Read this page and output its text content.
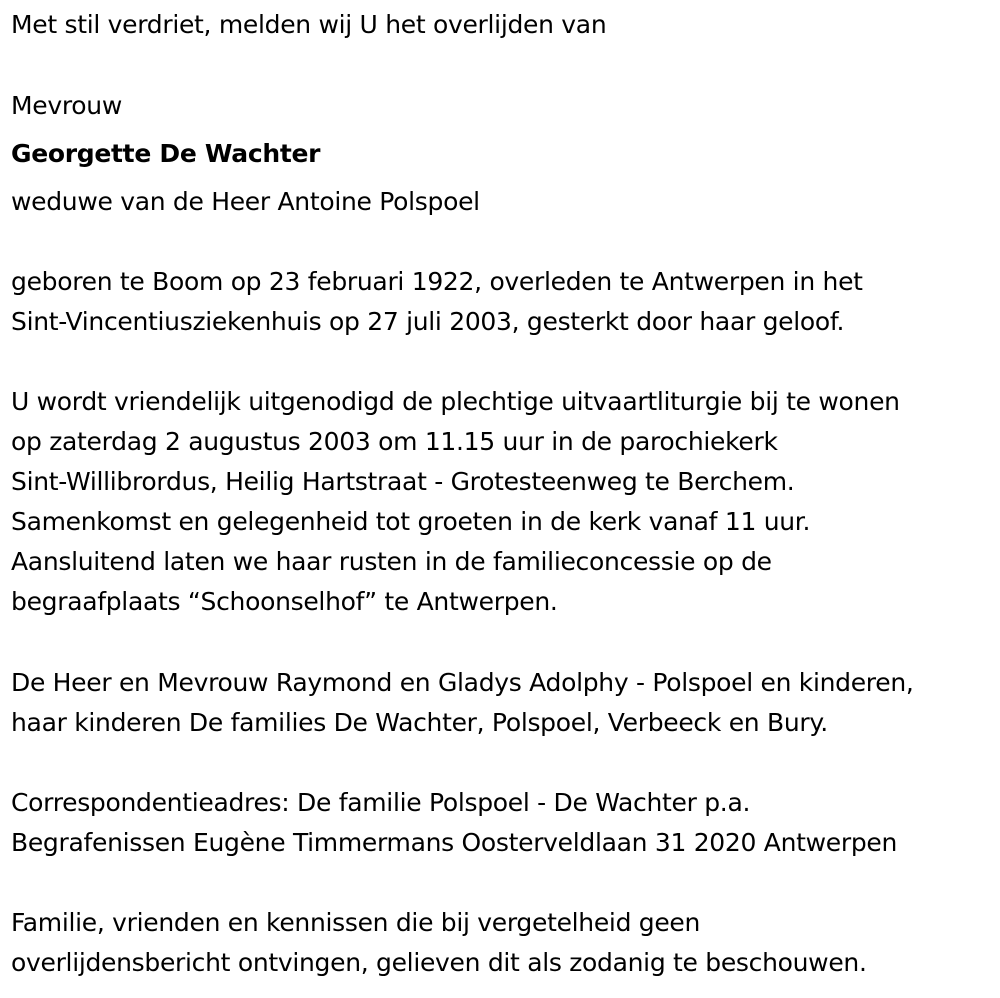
Met stil verdriet, melden wij U het overlijden van
Mevrouw
Georgette De Wachter
weduwe van de Heer Antoine Polspoel
geboren te Boom op 23 februari 1922, overleden te Antwerpen in het
Sint-Vincentiusziekenhuis op 27 juli 2003, gesterkt door haar geloof.
U wordt vriendelijk uitgenodigd de plechtige uitvaartliturgie bij te wonen
op zaterdag 2 augustus 2003 om 11.15 uur in de parochiekerk
Sint-Willibrordus, Heilig Hartstraat - Grotesteenweg te Berchem.
Samenkomst en gelegenheid tot groeten in de kerk vanaf 11 uur.
Aansluitend laten we haar rusten in de familieconcessie op de
begraafplaats “Schoonselhof” te Antwerpen.
De Heer en Mevrouw Raymond en Gladys Adolphy - Polspoel en kinderen,
haar kinderen De families De Wachter, Polspoel, Verbeeck en Bury.
Correspondentieadres: De familie Polspoel - De Wachter p.a.
Begrafenissen Eugène Timmermans Oosterveldlaan 31 2020 Antwerpen
Familie, vrienden en kennissen die bij vergetelheid geen
overlijdensbericht ontvingen, gelieven dit als zodanig te beschouwen.
